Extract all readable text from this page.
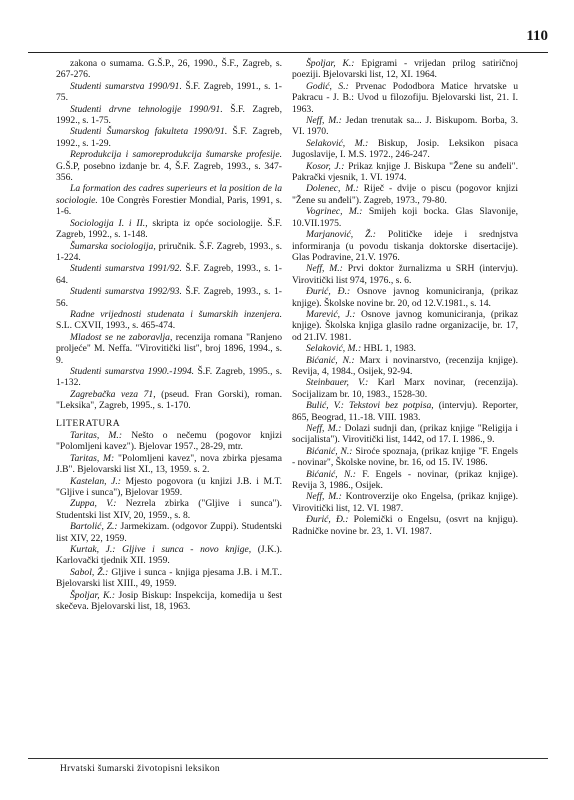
110

zakona o sumama. G.Š.P., 26, 1990., Š.F., Zagreb, s. 267-276.

Studenti sumarstva 1990/91. Š.F. Zagreb, 1991., s. 1-75.

Studenti drvne tehnologije 1990/91. Š.F. Zagreb, 1992., s. 1-75.

Studenti Šumarskog fakulteta 1990/91. Š.F. Zagreb, 1992., s. 1-29.

Reprodukcija i samoreprodukcija šumarske profesije. G.Š.P, posebno izdanje br. 4, Š.F. Zagreb, 1993., s. 347-356.

La formation des cadres superieurs et la position de la sociologie. 10e Congrès Forestier Mondial, Paris, 1991, s. 1-6.

Sociologija I. i II., skripta iz opće sociologije. Š.F. Zagreb, 1992., s. 1-148.

Šumarska sociologija, priručnik. Š.F. Zagreb, 1993., s. 1-224.

Studenti sumarstva 1991/92. Š.F. Zagreb, 1993., s. 1-64.

Studenti sumarstva 1992/93. Š.F. Zagreb, 1993., s. 1-56.

Radne vrijednosti studenata i šumarskih inzenjera. S.L. CXVII, 1993., s. 465-474.

Mladost se ne zaboravlja, recenzija romana "Ranjeno proljeće" M. Neffa. "Virovitički list", broj 1896, 1994., s. 9.

Studenti sumarstva 1990.-1994. Š.F. Zagreb, 1995., s. 1-132.

Zagrebačka veza 71, (pseud. Fran Gorski), roman. "Leksika", Zagreb, 1995., s. 1-170.

LITERATURA

Taritas, M.: Nešto o nečemu (pogovor knjizi "Polomljeni kavez"). Bjelovar 1957., 28-29, mtr.

Taritas, M: "Polomljeni kavez", nova zbirka pjesama J.B". Bjelovarski list XI., 13, 1959. s. 2.

Kastelan, J.: Mjesto pogovora (u knjizi J.B. i M.T. "Gljive i sunca"), Bjelovar 1959.

Zuppa, V.: Nezrela zbirka ("Gljive i sunca"). Studentski list XIV, 20, 1959., s. 8.

Bartolić, Z.: Jarmekizam. (odgovor Zuppi). Studentski list XIV, 22, 1959.

Kurtak, J.: Gljive i sunca - novo knjige, (J.K.). Karlovački tjednik XII. 1959.

Sabol, Ž.: Gljive i sunca - knjiga pjesama J.B. i M.T.. Bjelovarski list XIII., 49, 1959.

Špoljar, K.: Josip Biskup: Inspekcija, komedija u šest skečeva. Bjelovarski list, 18, 1963.

Špoljar, K.: Epigrami - vrijedan prilog satiričnoj poeziji. Bjelovarski list, 12, XI. 1964.

Godić, S.: Prvenac Pododbora Matice hrvatske u Pakracu - J. B.: Uvod u filozofiju. Bjelovarski list, 21. I. 1963.

Neff, M.: Jedan trenutak sa... J. Biskupom. Borba, 3. VI. 1970.

Selaković, M.: Biskup, Josip. Leksikon pisaca Jugoslavije, I. M.S. 1972., 246-247.

Kosor, J.: Prikaz knjige J. Biskupa "Žene su anđeli". Pakrački vjesnik, 1. VI. 1974.

Dolenec, M.: Riječ - dvije o piscu (pogovor knjizi "Žene su anđeli"). Zagreb, 1973., 79-80.

Vogrinec, M.: Smijeh koji bocka. Glas Slavonije, 10.VII.1975.

Marjanović, Ž.: Političke ideje i srednjstva informiranja (u povodu tiskanja doktorske disertacije). Glas Podravine, 21.V. 1976.

Neff, M.: Prvi doktor žurnalizma u SRH (intervju). Virovitički list 974, 1976., s. 6.

Đurić, Đ.: Osnove javnog komuniciranja, (prikaz knjige). Školske novine br. 20, od 12.V.1981., s. 14.

Marević, J.: Osnove javnog komuniciranja, (prikaz knjige). Školska knjiga glasilo radne organizacije, br. 17, od 21.IV. 1981.

Selaković, M.: HBL 1, 1983.

Bićanić, N.: Marx i novinarstvo, (recenzija knjige). Revija, 4, 1984., Osijek, 92-94.

Steinbauer, V.: Karl Marx novinar, (recenzija). Socijalizam br. 10, 1983., 1528-30.

Bulić, V.: Tekstovi bez potpisa, (intervju). Reporter, 865, Beograd, 11.-18. VIII. 1983.

Neff, M.: Dolazi sudnji dan, (prikaz knjige "Religija i socijalista"). Virovitički list, 1442, od 17. I. 1986., 9.

Bićanić, N.: Siroće spoznaja, (prikaz knjige "F. Engels - novinar", Školske novine, br. 16, od 15. IV. 1986.

Bićanić, N.: F. Engels - novinar, (prikaz knjige). Revija 3, 1986., Osijek.

Neff, M.: Kontroverzije oko Engelsa, (prikaz knjige). Virovitički list, 12. VI. 1987.

Đurić, Đ.: Polemički o Engelsu, (osvrt na knjigu). Radničke novine br. 23, 1. VI. 1987.

Hrvatski šumarski životopisni leksikon
